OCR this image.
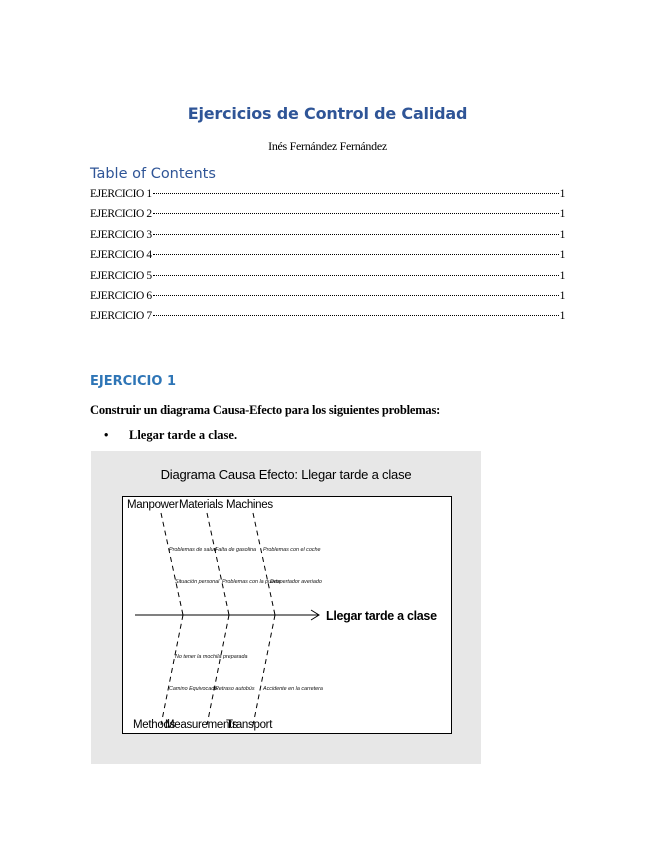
Ejercicios de Control de Calidad
Inés Fernández Fernández
Table of Contents
EJERCICIO 1	1
EJERCICIO 2	1
EJERCICIO 3	1
EJERCICIO 4	1
EJERCICIO 5	1
EJERCICIO 6	1
EJERCICIO 7	1
EJERCICIO 1
Construir un diagrama Causa-Efecto para los siguientes problemas:
• Llegar tarde a clase.
Diagrama Causa Efecto: Llegar tarde a clase
Manpower Materials Machines
Problemas de salud
Falta de gasolina Problemas con el coche
Situación personal Problemas con la puerta
Despertador averiado
Llegar tarde a clase
No tener la mochila preparada
Camino Equivocado
Retraso autobús Accidente en la carretera
Methods
Measurements
Transport
